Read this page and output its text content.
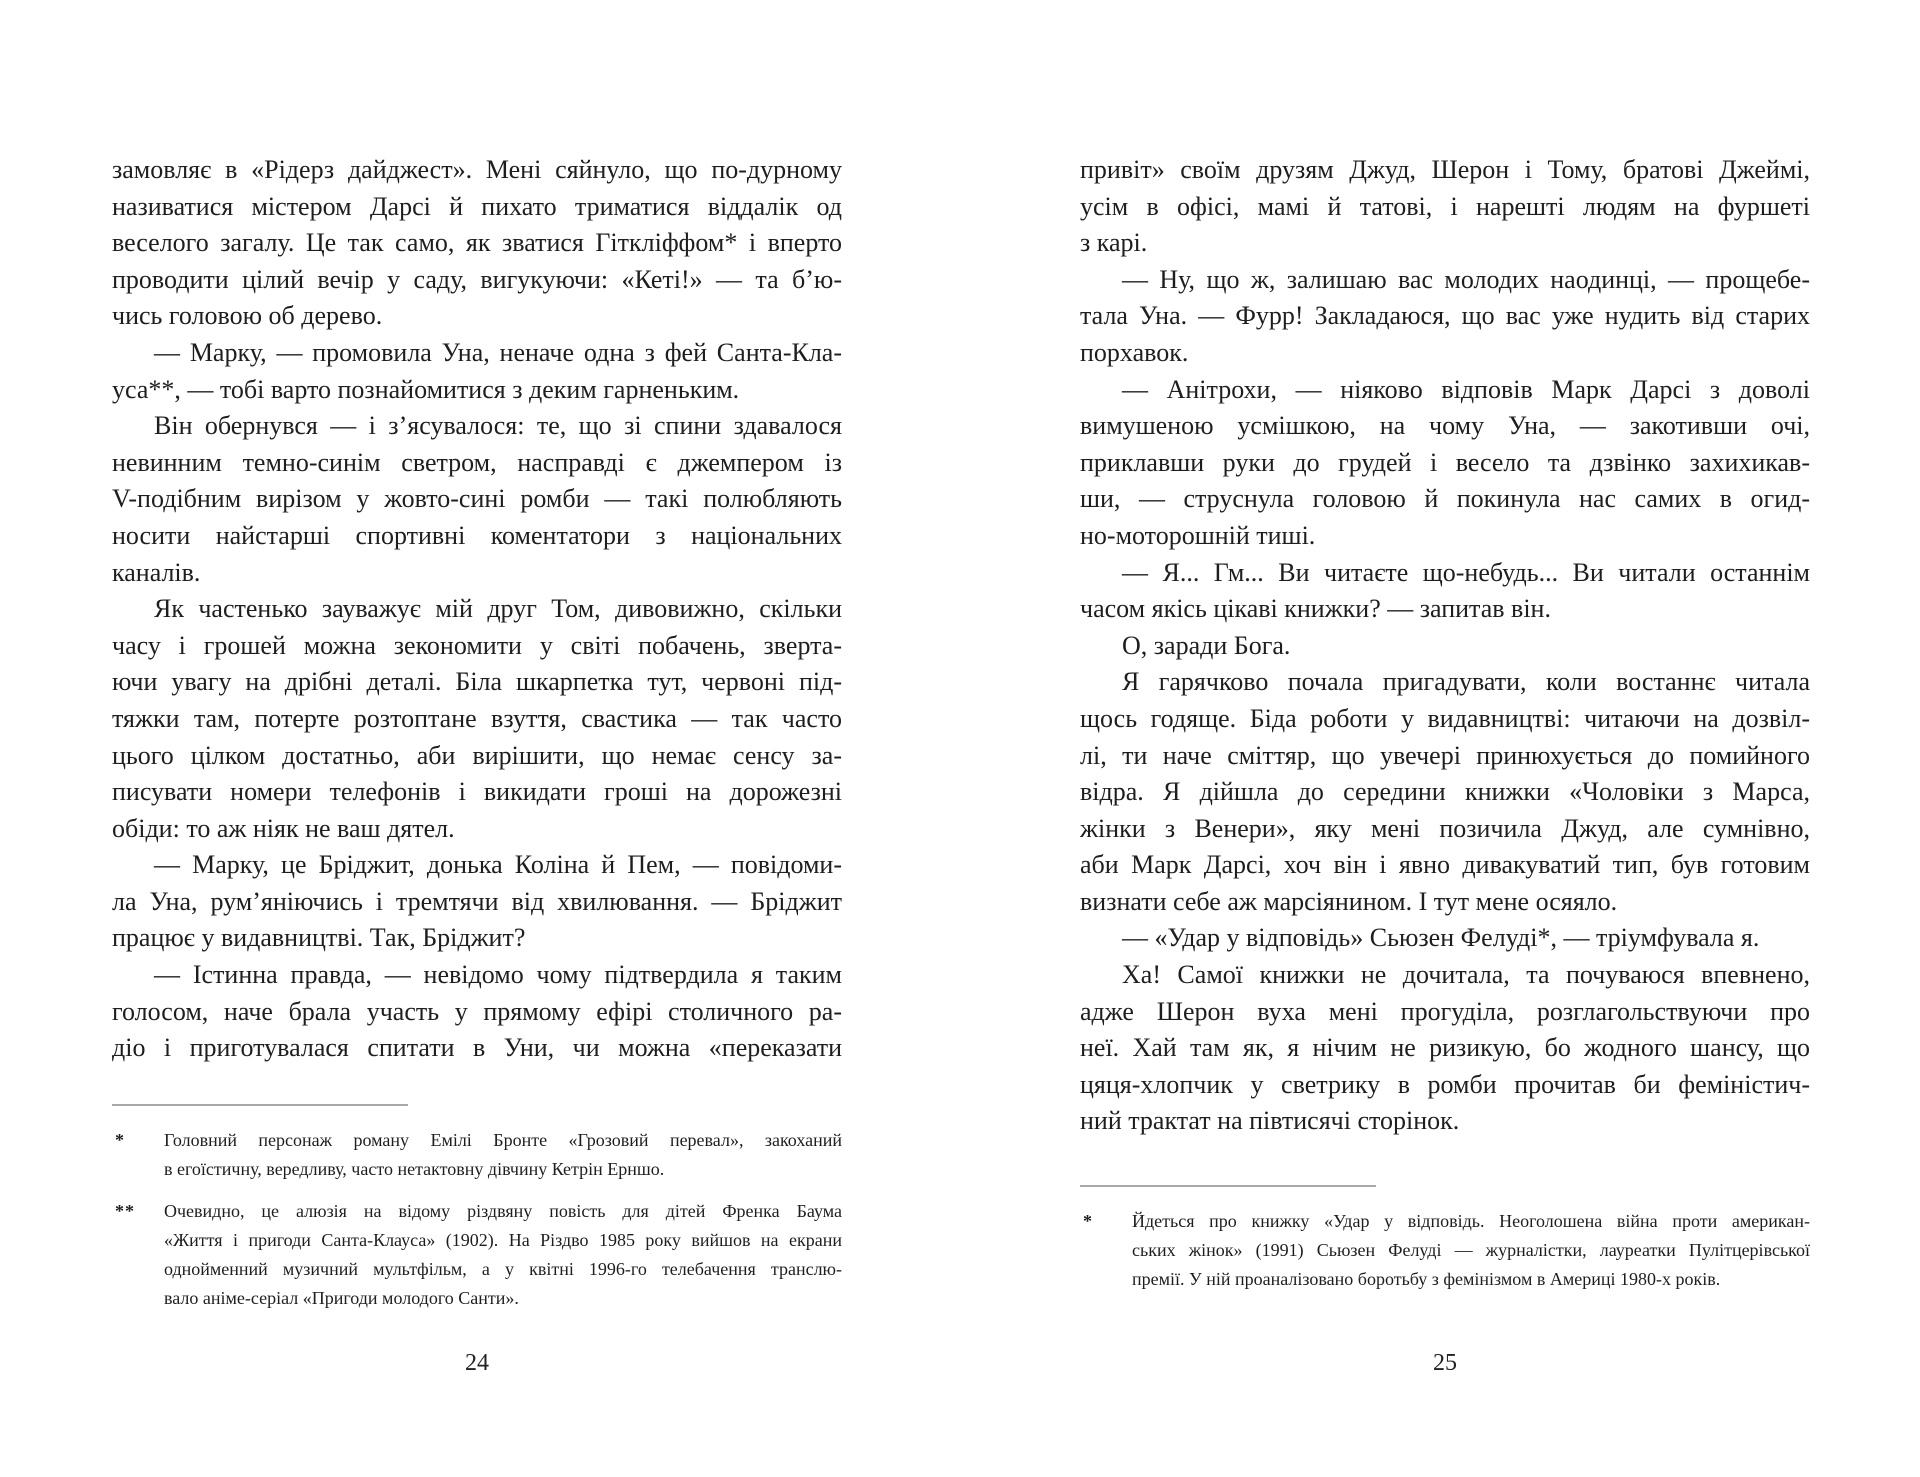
замовляє в «Рідерз дайджест». Мені сяйнуло, що по-дурному
називатися містером Дарсі й пихато триматися віддалік од
веселого загалу. Це так само, як зватися Гіткліффом* і вперто
проводити цілий вечір у саду, вигукуючи: «Кеті!» — та б’ю-
чись головою об дерево.
— Марку, — промовила Уна, неначе одна з фей Санта-Кла-
уса**, — тобі варто познайомитися з деким гарненьким.
Він обернувся — і з’ясувалося: те, що зі спини здавалося
невинним темно-синім светром, насправді є джемпером із
V-подібним вирізом у жовто-сині ромби — такі полюбляють
носити найстарші спортивні коментатори з національних
каналів.
Як частенько зауважує мій друг Том, дивовижно, скільки
часу і грошей можна зекономити у світі побачень, зверта-
ючи увагу на дрібні деталі. Біла шкарпетка тут, червоні під-
тяжки там, потерте розтоптане взуття, свастика — так часто
цього цілком достатньо, аби вирішити, що немає сенсу за-
писувати номери телефонів і викидати гроші на дорожезні
обіди: то аж ніяк не ваш дятел.
— Марку, це Бріджит, донька Коліна й Пем, — повідоми-
ла Уна, рум’яніючись і тремтячи від хвилювання. — Бріджит
працює у видавництві. Так, Бріджит?
— Істинна правда, — невідомо чому підтвердила я таким
голосом, наче брала участь у прямому ефірі столичного ра-
діо і приготувалася спитати в Уни, чи можна «переказати
* Головний персонаж роману Емілі Бронте «Грозовий перевал», закоханий
в егоїстичну, вередливу, часто нетактовну дівчину Кетрін Ерншо.
** Очевидно, це алюзія на відому різдвяну повість для дітей Френка Баума
«Життя і пригоди Санта-Клауса» (1902). На Різдво 1985 року вийшов на екрани
однойменний музичний мультфільм, а у квітні 1996-го телебачення транслю-
вало аніме-серіал «Пригоди молодого Санти».
24
привіт» своїм друзям Джуд, Шерон і Тому, братові Джеймі,
усім в офісі, мамі й татові, і нарешті людям на фуршеті
з карі.
— Ну, що ж, залишаю вас молодих наодинці, — прощебе-
тала Уна. — Фурр! Закладаюся, що вас уже нудить від старих
порхавок.
— Анітрохи, — ніяково відповів Марк Дарсі з доволі
вимушеною усмішкою, на чому Уна, — закотивши очі,
приклавши руки до грудей і весело та дзвінко захихикав-
ши, — струснула головою й покинула нас самих в огид-
но-моторошній тиші.
— Я... Гм... Ви читаєте що-небудь... Ви читали останнім
часом якісь цікаві книжки? — запитав він.
О, заради Бога.
Я гарячково почала пригадувати, коли востаннє читала
щось годяще. Біда роботи у видавництві: читаючи на дозвіл-
лі, ти наче сміттяр, що увечері принюхується до помийного
відра. Я дійшла до середини книжки «Чоловіки з Марса,
жінки з Венери», яку мені позичила Джуд, але сумнівно,
аби Марк Дарсі, хоч він і явно дивакуватий тип, був готовим
визнати себе аж марсіянином. І тут мене осяяло.
— «Удар у відповідь» Сьюзен Фелуді*, — тріумфувала я.
Ха! Самої книжки не дочитала, та почуваюся впевнено,
адже Шерон вуха мені прогуділа, розглагольствуючи про
неї. Хай там як, я нічим не ризикую, бо жодного шансу, що
цяця-хлопчик у светрику в ромби прочитав би феміністич-
ний трактат на півтисячі сторінок.
* Йдеться про книжку «Удар у відповідь. Неоголошена війна проти американ-
ських жінок» (1991) Сьюзен Фелуді — журналістки, лауреатки Пулітцерівської
премії. У ній проаналізовано боротьбу з фемінізмом в Америці 1980-х років.
25
